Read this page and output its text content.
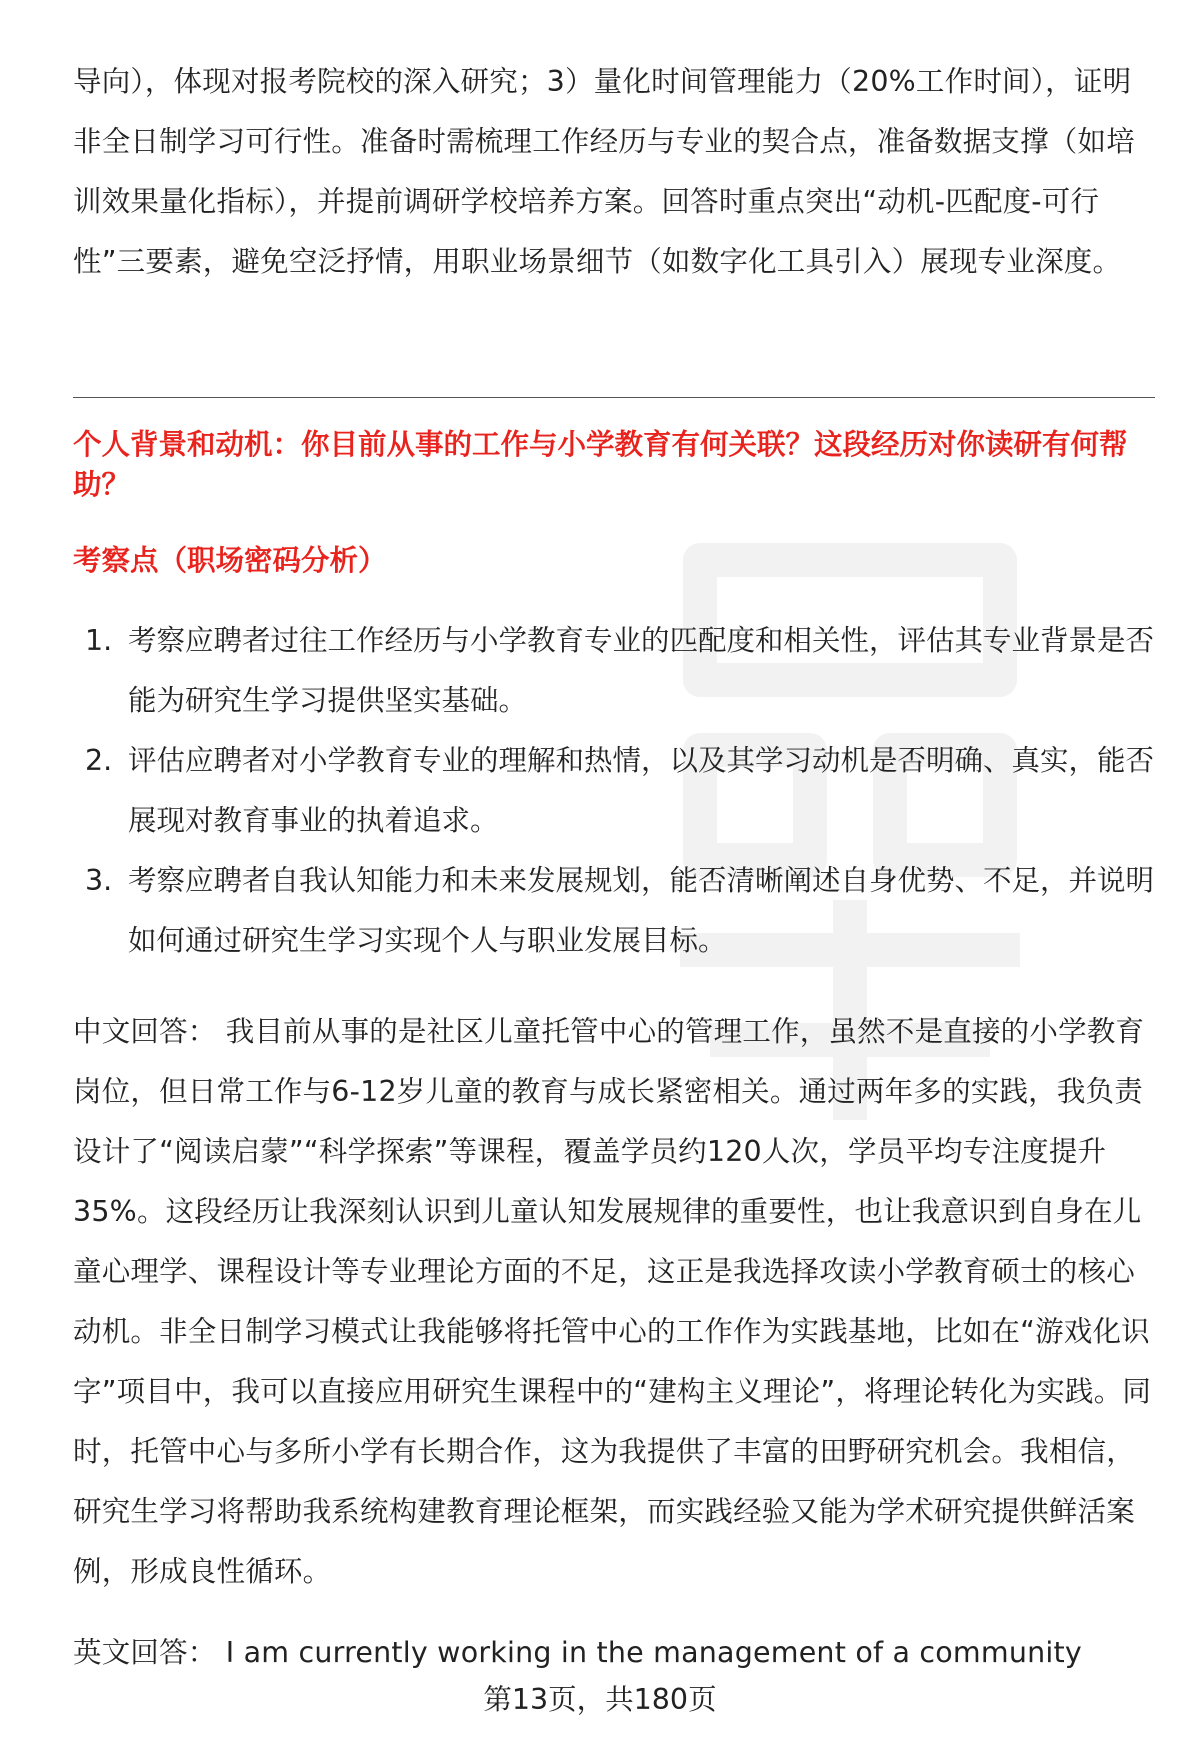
导向），体现对报考院校的深入研究；3）量化时间管理能力（20%工作时间），证明非全日制学习可行性。准备时需梳理工作经历与专业的契合点，准备数据支撑（如培训效果量化指标），并提前调研学校培养方案。回答时重点突出“动机-匹配度-可行性”三要素，避免空泛抒情，用职业场景细节（如数字化工具引入）展现专业深度。

个人背景和动机：你目前从事的工作与小学教育有何关联？这段经历对你读研有何帮助？

考察点（职场密码分析）

1. 考察应聘者过往工作经历与小学教育专业的匹配度和相关性，评估其专业背景是否能为研究生学习提供坚实基础。
2. 评估应聘者对小学教育专业的理解和热情，以及其学习动机是否明确、真实，能否展现对教育事业的执着追求。
3. 考察应聘者自我认知能力和未来发展规划，能否清晰阐述自身优势、不足，并说明如何通过研究生学习实现个人与职业发展目标。

中文回答： 我目前从事的是社区儿童托管中心的管理工作，虽然不是直接的小学教育岗位，但日常工作与6-12岁儿童的教育与成长紧密相关。通过两年多的实践，我负责设计了“阅读启蒙”“科学探索”等课程，覆盖学员约120人次，学员平均专注度提升35%。这段经历让我深刻认识到儿童认知发展规律的重要性，也让我意识到自身在儿童心理学、课程设计等专业理论方面的不足，这正是我选择攻读小学教育硕士的核心动机。非全日制学习模式让我能够将托管中心的工作作为实践基地，比如在“游戏化识字”项目中，我可以直接应用研究生课程中的“建构主义理论”，将理论转化为实践。同时，托管中心与多所小学有长期合作，这为我提供了丰富的田野研究机会。我相信，研究生学习将帮助我系统构建教育理论框架，而实践经验又能为学术研究提供鲜活案例，形成良性循环。

英文回答： I am currently working in the management of a community

第13页，共180页
